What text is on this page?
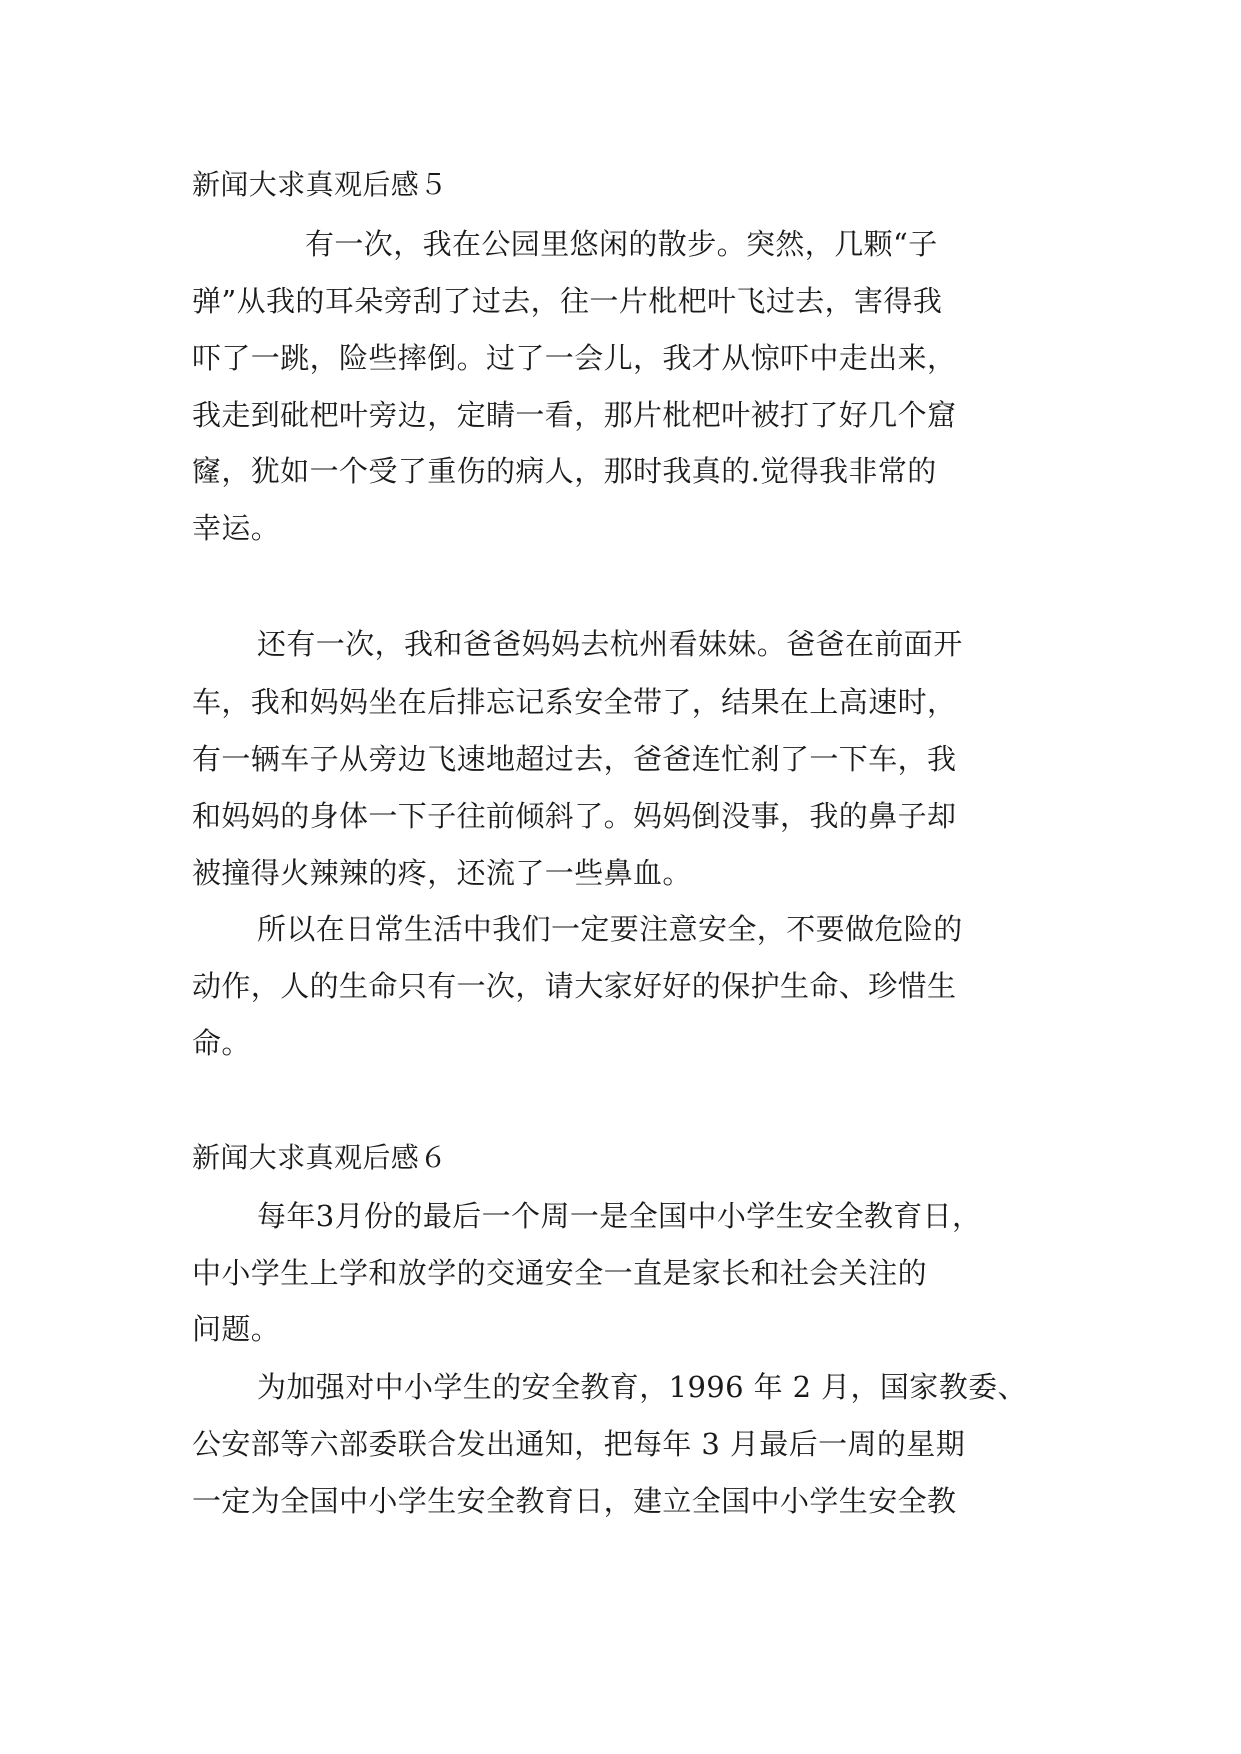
新闻大求真观后感５
有一次，我在公园里悠闲的散步。突然，几颗“子
弹”从我的耳朵旁刮了过去，往一片枇杷叶飞过去，害得我
吓了一跳，险些摔倒。过了一会儿，我才从惊吓中走出来，
我走到砒杷叶旁边，定睛一看，那片枇杷叶被打了好几个窟
窿，犹如一个受了重伤的病人，那时我真的.觉得我非常的
幸运。
还有一次，我和爸爸妈妈去杭州看妹妹。爸爸在前面开
车，我和妈妈坐在后排忘记系安全带了，结果在上高速时，
有一辆车子从旁边飞速地超过去，爸爸连忙刹了一下车，我
和妈妈的身体一下子往前倾斜了。妈妈倒没事，我的鼻子却
被撞得火辣辣的疼，还流了一些鼻血。
所以在日常生活中我们一定要注意安全，不要做危险的
动作，人的生命只有一次，请大家好好的保护生命、珍惜生
命。
新闻大求真观后感６
每年3月份的最后一个周一是全国中小学生安全教育日，
中小学生上学和放学的交通安全一直是家长和社会关注的
问题。
为加强对中小学生的安全教育，1996 年 2 月，国家教委、
公安部等六部委联合发出通知，把每年 3 月最后一周的星期
一定为全国中小学生安全教育日，建立全国中小学生安全教
